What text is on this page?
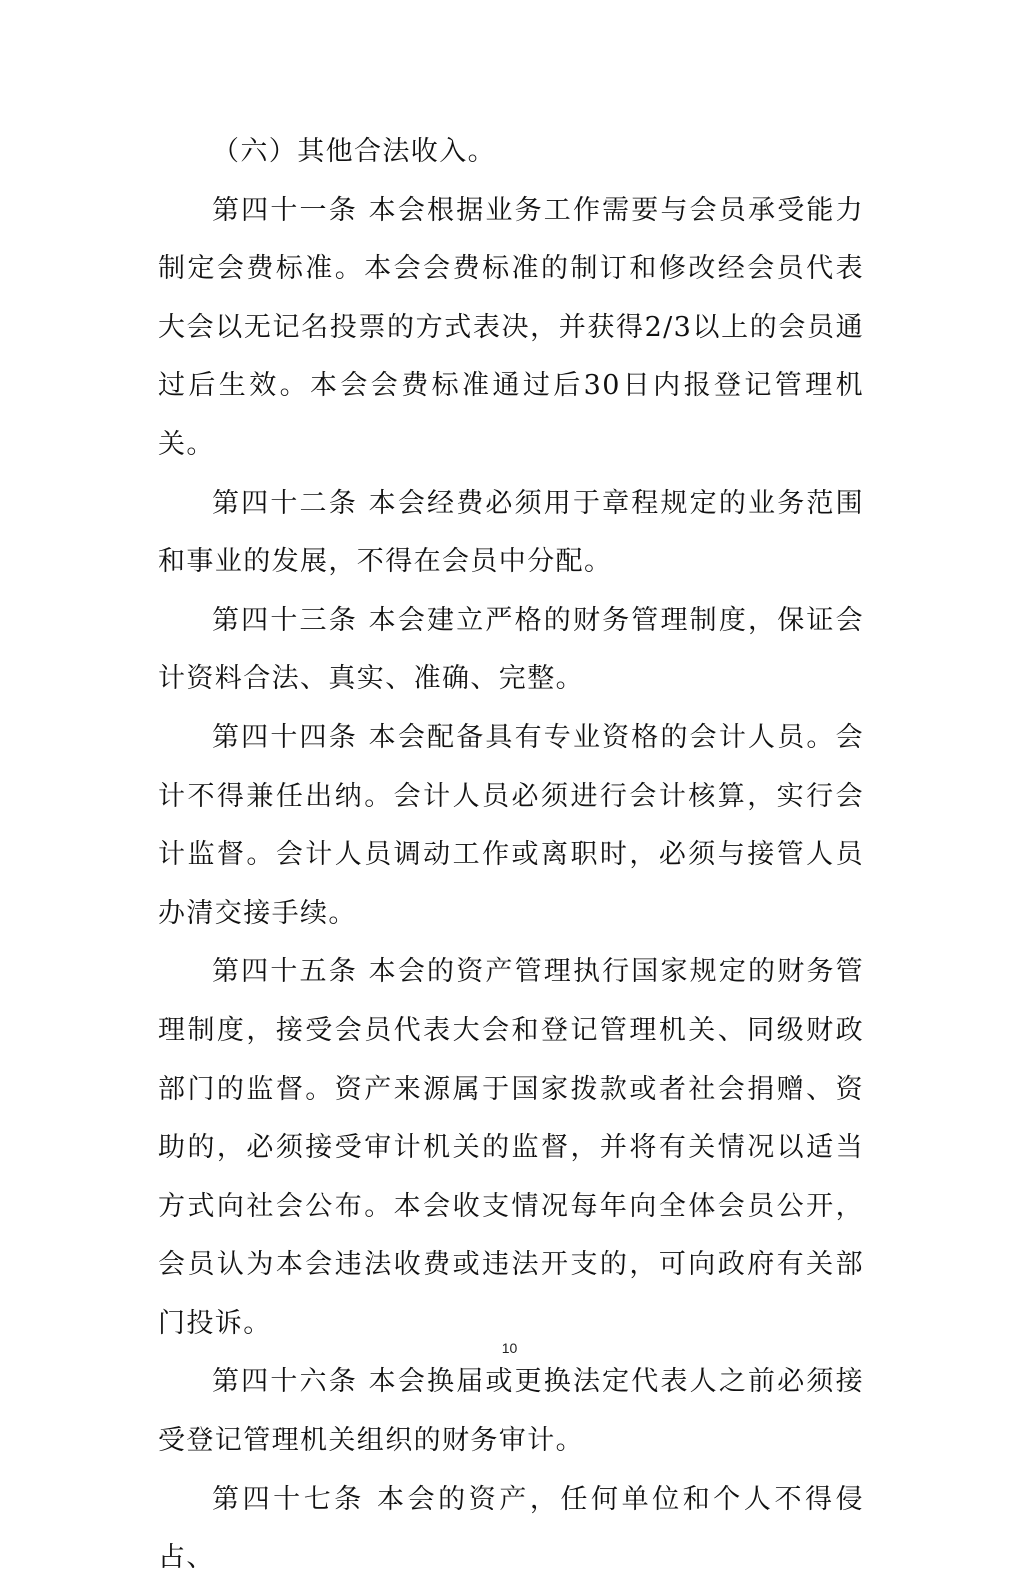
（六）其他合法收入。

第四十一条 本会根据业务工作需要与会员承受能力制定会费标准。本会会费标准的制订和修改经会员代表大会以无记名投票的方式表决，并获得2/3以上的会员通过后生效。本会会费标准通过后30日内报登记管理机关。

第四十二条 本会经费必须用于章程规定的业务范围和事业的发展，不得在会员中分配。

第四十三条 本会建立严格的财务管理制度，保证会计资料合法、真实、准确、完整。

第四十四条 本会配备具有专业资格的会计人员。会计不得兼任出纳。会计人员必须进行会计核算，实行会计监督。会计人员调动工作或离职时，必须与接管人员办清交接手续。

第四十五条 本会的资产管理执行国家规定的财务管理制度，接受会员代表大会和登记管理机关、同级财政部门的监督。资产来源属于国家拨款或者社会捐赠、资助的，必须接受审计机关的监督，并将有关情况以适当方式向社会公布。本会收支情况每年向全体会员公开，会员认为本会违法收费或违法开支的，可向政府有关部门投诉。

第四十六条 本会换届或更换法定代表人之前必须接受登记管理机关组织的财务审计。

第四十七条 本会的资产，任何单位和个人不得侵占、

10
